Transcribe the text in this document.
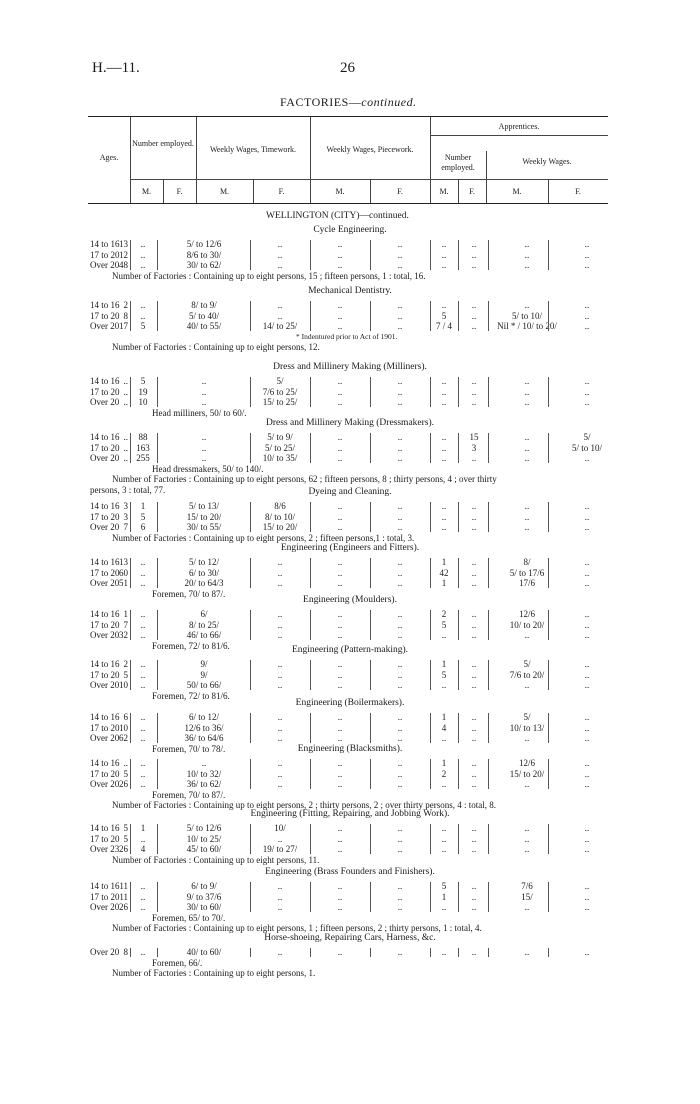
H.—11.	26
FACTORIES—continued.
Ages.
Number employed.
Weekly Wages, Timework.	Weekly Wages, Piecework.
Apprentices.
Number employed.
Weekly Wages.
M.	F.	M.	F.	M.	F.	M.	F.	M.	F.
WELLINGTON (CITY)—continued.
Cycle Engineering.
14 to 16 13	..	5/ to 12/6	..	..	..	..	..	..	..
17 to 20 12	..	8/6 to 30/	..	..	..	..	..	..	..
Over 20 48	..	30/ to 62/	..	..	..	..	..	..	..
Number of Factories : Containing up to eight persons, 15 ; fifteen persons, 1 : total, 16.
Mechanical Dentistry.
14 to 16 2	..	8/ to 9/	..	..	..	..	..	..	..
17 to 20 8	..	5/ to 40/	..	..	..	5	..	5/ to 10/	..
Over 20 17	5	40/ to 55/	14/ to 25/	..	..	7 / 4	..	Nil * / 10/ to 20/	..
* Indentured prior to Act of 1901.
Number of Factories : Containing up to eight persons, 12.
Dress and Millinery Making (Milliners).
14 to 16 ..	5	..	5/	..	..	..	..	..	..
17 to 20 ..	19	..	7/6 to 25/	..	..	..	..	..	..
Over 20 ..	10	..	15/ to 25/	..	..	..	..	..	..
Head milliners, 50/ to 60/.
Dress and Millinery Making (Dressmakers).
14 to 16 ..	88	..	5/ to 9/	..	..	..	15	..	5/
17 to 20 .. 163	..	5/ to 25/	..	..	..	3	..	5/ to 10/
Over 20 .. 255	..	10/ to 35/	..	..	..	..	..	..
Head dressmakers, 50/ to 140/.
Number of Factories : Containing up to eight persons, 62 ; fifteen persons, 8 ; thirty persons, 4 ; over thirty
persons, 3 : total, 77.	Dyeing and Cleaning.
14 to 16 3	1	5/ to 13/	8/6	..	..	..	..	..	..
17 to 20 3	5	15/ to 20/	8/ to 10/	..	..	..	..	..	..
Over 20 7	6	30/ to 55/	15/ to 20/	..	..	..	..	..	..
Number of Factories : Containing up to eight persons, 2 ; fifteen persons,1 : total, 3.
Engineering (Engineers and Fitters).
14 to 16 13	..	5/ to 12/	..	..	..	1	..	8/	..
17 to 20 60	..	6/ to 30/	..	..	..	42	..	5/ to 17/6	..
Over 20 51	..	20/ to 64/3	..	..	..	1	..	17/6	..
Foremen, 70/ to 87/.
Engineering (Moulders).
14 to 16 1	..	6/	..	..	..	2	..	12/6	..
17 to 20 7	..	8/ to 25/	..	..	..	5	..	10/ to 20/	..
Over 20 32	..	46/ to 66/	..	..	..	..	..	..	..
Foremen, 72/ to 81/6.	Engineering (Pattern-making).
14 to 16 2	..	9/	..	..	..	1	..	5/	..
17 to 20 5	..	9/	..	..	..	5	..	7/6 to 20/	..
Over 20 10	..	50/ to 66/	..	..	..	..	..	..	..
Foremen, 72/ to 81/6.
Engineering (Boilermakers).
14 to 16 6	..	6/ to 12/	..	..	..	1	..	5/	..
17 to 20 10	..	12/6 to 36/	..	..	..	4	..	10/ to 13/	..
Over 20 62	..	36/ to 64/6	..	..	..	..	..	..	..
Foremen, 70/ to 78/.	Engineering (Blacksmiths).
14 to 16 ..	..	..	..	..	..	1	..	12/6	..
17 to 20 5	..	10/ to 32/	..	..	..	2	..	15/ to 20/	..
Over 20 26	..	36/ to 62/	..	..	..	..	..	..	..
Foremen, 70/ to 87/.
Number of Factories : Containing up to eight persons, 2 ; thirty persons, 2 ; over thirty persons, 4 : total, 8.
Engineering (Fitting, Repairing, and Jobbing Work).
14 to 16 5	1	5/ to 12/6	10/	..	..	..	..	..	..
17 to 20 5	..	10/ to 25/	..	..	..	..	..	..	..
Over 23 26	4	45/ to 60/	19/ to 27/	..	..	..	..	..	..
Number of Factories : Containing up to eight persons, 11.
Engineering (Brass Founders and Finishers).
14 to 16 11	..	6/ to 9/	..	..	..	5	..	7/6	..
17 to 20 11	..	9/ to 37/6	..	..	..	1	..	15/	..
Over 20 26	..	30/ to 60/	..	..	..	..	..	..	..
Foremen, 65/ to 70/.
Number of Factories : Containing up to eight persons, 1 ; fifteen persons, 2 ; thirty persons, 1 : total, 4.
Horse-shoeing, Repairing Cars, Harness, &c.
Over 20 8	..	40/ to 60/	..	..	..	..	..	..	..
Foremen, 66/.
Number of Factories : Containing up to eight persons, 1.
